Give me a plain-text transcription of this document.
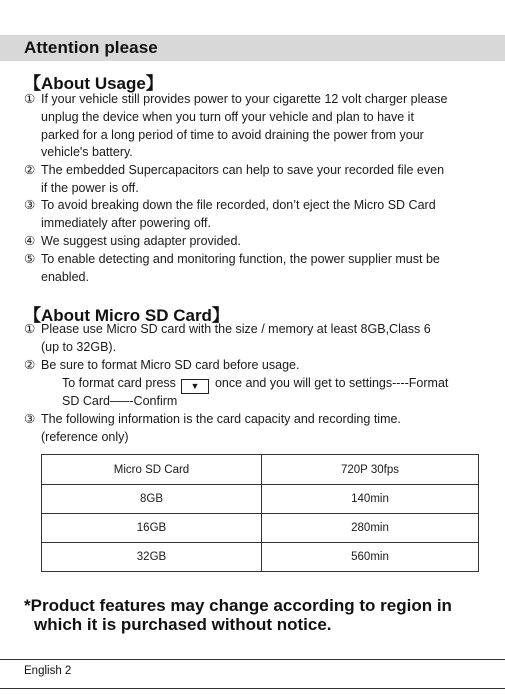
Attention please
【About Usage】
① If your vehicle still provides power to your cigarette 12 volt charger please
unplug the device when you turn off your vehicle and plan to have it
parked for a long period of time to avoid draining the power from your
vehicle's battery.
② The embedded Supercapacitors can help to save your recorded file even
if the power is off.
③ To avoid breaking down the file recorded, don’t eject the Micro SD Card
immediately after powering off.
④ We suggest using adapter provided.
⑤ To enable detecting and monitoring function, the power supplier must be
enabled.
【About Micro SD Card】
① Please use Micro SD card with the size / memory at least 8GB,Class 6
(up to 32GB).
② Be sure to format Micro SD card before usage.
To format card press ▼ once and you will get to settings----Format
SD Card–—-Confirm
③ The following information is the card capacity and recording time.
(reference only)
Micro SD Card	720P 30fps
8GB	140min
16GB	280min
32GB	560min
*Product features may change according to region in
which it is purchased without notice.
English 2
